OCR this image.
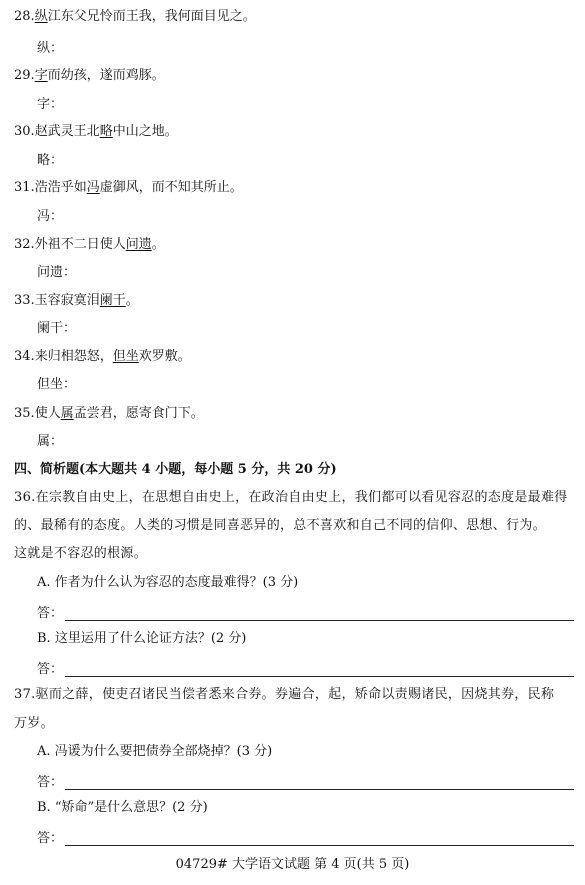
28.纵江东父兄怜而王我，我何面目见之。
纵：
29.字而幼孩，遂而鸡豚。
字：
30.赵武灵王北略中山之地。
略：
31.浩浩乎如冯虚御风，而不知其所止。
冯：
32.外祖不二日使人问遗。
问遗：
33.玉容寂寞泪阑干。
阑干：
34.来归相怨怒，但坐欢罗敷。
但坐：
35.使人属孟尝君，愿寄食门下。
属：
四、简析题(本大题共 4 小题，每小题 5 分，共 20 分)
36.在宗教自由史上，在思想自由史上，在政治自由史上，我们都可以看见容忍的态度是最难得
的、最稀有的态度。人类的习惯是同喜恶异的，总不喜欢和自己不同的信仰、思想、行为。
这就是不容忍的根源。
A. 作者为什么认为容忍的态度最难得？(3 分)
答：
B. 这里运用了什么论证方法？(2 分)
答：
37.驱而之薛，使吏召诸民当偿者悉来合券。券遍合，起，矫命以责赐诸民，因烧其券，民称
万岁。
A. 冯谖为什么要把债券全部烧掉？(3 分)
答：
B. “矫命”是什么意思？(2 分)
答：
04729# 大学语文试题 第 4 页(共 5 页)
